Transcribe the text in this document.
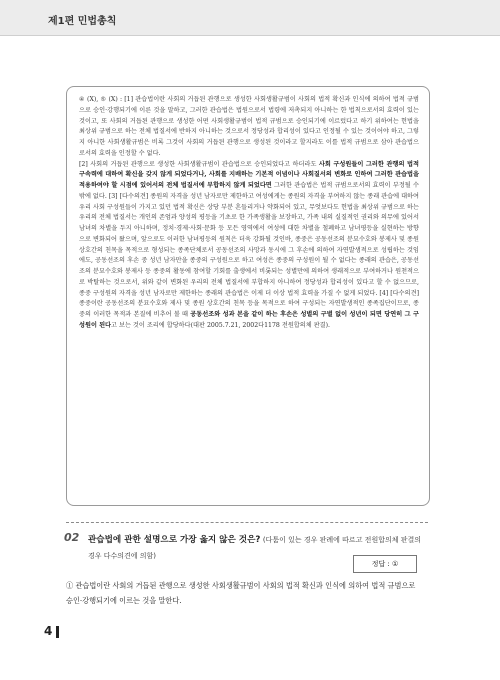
제1편 민법총칙
④ (X), ⑤ (X) : [1] 관습법이란 사회의 거듭된 관행으로 생성한 사회생활규범이 사회의 법적 확신과 인식에 의하여 법적 규범으로 승인·강행되기에 이른 것을 말하고, 그러한 관습법은 법원으로서 법령에 저촉되지 아니하는 한 법칙으로서의 효력이 있는 것이고, 또 사회의 거듭된 관행으로 생성한 어떤 사회생활규범이 법적 규범으로 승인되기에 이르렀다고 하기 위하여는 헌법을 최상위 규범으로 하는 전체 법질서에 반하지 아니하는 것으로서 정당성과 합리성이 있다고 인정될 수 있는 것이어야 하고, 그렇지 아니한 사회생활규범은 비록 그것이 사회의 거듭된 관행으로 생성된 것이라고 할지라도 이를 법적 규범으로 삼아 관습법으로서의 효력을 인정할 수 없다.
[2] 사회의 거듭된 관행으로 생성한 사회생활규범이 관습법으로 승인되었다고 하더라도 사회 구성원들이 그러한 관행의 법적 구속력에 대하여 확신을 갖지 않게 되었다거나, 사회를 지배하는 기본적 이념이나 사회질서의 변화로 인하여 그러한 관습법을 적용하여야 할 시점에 있어서의 전체 법질서에 부합하지 않게 되었다면 그러한 관습법은 법적 규범으로서의 효력이 부정될 수밖에 없다. [3] [다수의견] 종원의 자격을 성년 남자로만 제한하고 여성에게는 종원의 자격을 부여하지 않는 종래 관습에 대하여 우리 사회 구성원들이 가지고 있던 법적 확신은 상당 부분 흔들리거나 약화되어 있고, 무엇보다도 헌법을 최상위 규범으로 하는 우리의 전체 법질서는 개인의 존엄과 양성의 평등을 기초로 한 가족생활을 보장하고, 가족 내의 실질적인 권리와 의무에 있어서 남녀의 차별을 두지 아니하며, 정치·경제·사회·문화 등 모든 영역에서 여성에 대한 차별을 철폐하고 남녀평등을 실현하는 방향으로 변화되어 왔으며, 앞으로도 이러한 남녀평등의 원칙은 더욱 강화될 것인바, 종중은 공동선조의 분묘수호와 봉제사 및 종원 상호간의 친목을 목적으로 형성되는 종족단체로서 공동선조의 사망과 동시에 그 후손에 의하여 자연발생적으로 성립하는 것임에도, 공동선조의 후손 중 성년 남자만을 종중의 구성원으로 하고 여성은 종중의 구성원이 될 수 없다는 종래의 관습은, 공동선조의 분묘수호와 봉제사 등 종중의 활동에 참여할 기회를 출생에서 비롯되는 성별만에 의하여 생래적으로 부여하거나 원천적으로 박탈하는 것으로서, 위와 같이 변화된 우리의 전체 법질서에 부합하지 아니하여 정당성과 합리성이 있다고 할 수 없으므로, 종중 구성원의 자격을 성년 남자로만 제한하는 종래의 관습법은 이제 더 이상 법적 효력을 가질 수 없게 되었다. [4] [다수의견] 종중이란 공동선조의 분묘수호와 제사 및 종원 상호간의 친목 등을 목적으로 하여 구성되는 자연발생적인 종족집단이므로, 종중의 이러한 목적과 본질에 비추어 볼 때 공동선조와 성과 본을 같이 하는 후손은 성별의 구별 없이 성년이 되면 당연히 그 구성원이 된다고 보는 것이 조리에 합당하다(대판 2005.7.21, 2002다1178 전원합의체 판결).
정답 : ①
02 관습법에 관한 설명으로 가장 옳지 않은 것은? (다툼이 있는 경우 판례에 따르고 전원합의체 판결의 경우 다수의견에 의함)
① 관습법이란 사회의 거듭된 관행으로 생성한 사회생활규범이 사회의 법적 확신과 인식에 의하여 법적 규범으로 승인·강행되기에 이르는 것을 말한다.
4
